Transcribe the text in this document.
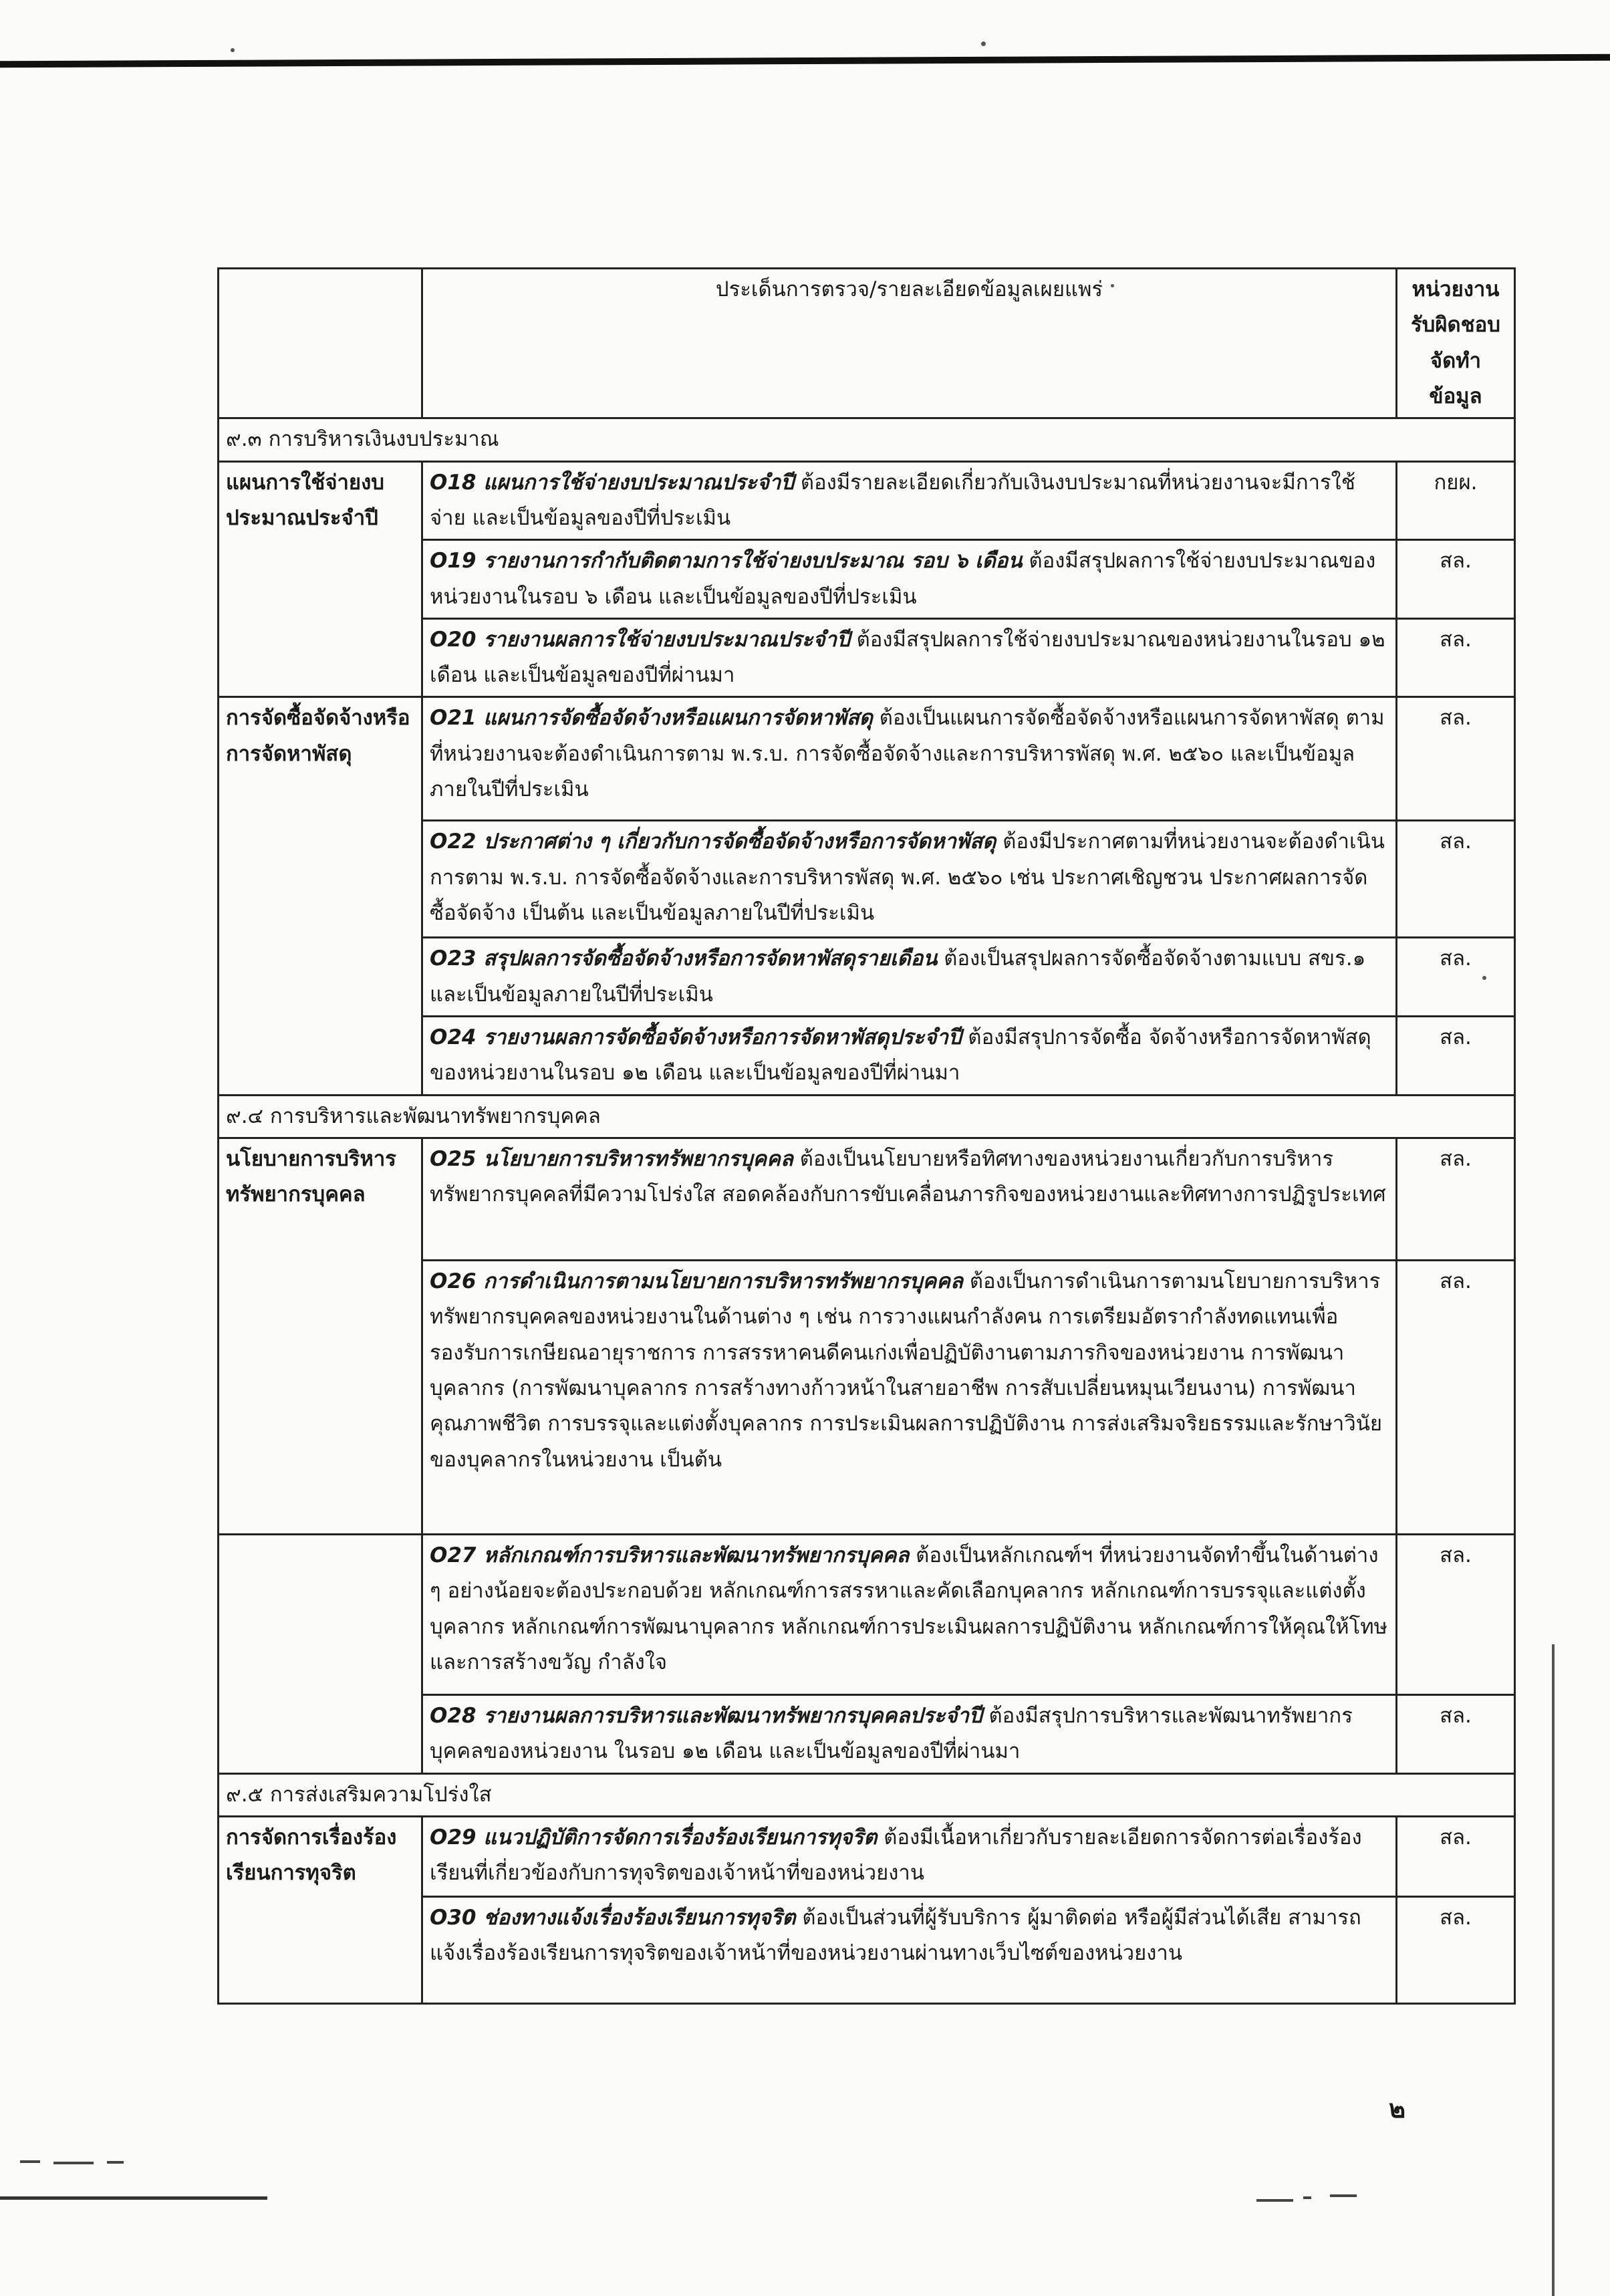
	ประเด็นการตรวจ/รายละเอียดข้อมูลเผยแพร่	หน่วยงานรับผิดชอบจัดทำข้อมูล
๙.๓ การบริหารเงินงบประมาณ		
แผนการใช้จ่ายงบประมาณประจำปี	O18 แผนการใช้จ่ายงบประมาณประจำปี ต้องมีรายละเอียดเกี่ยวกับเงินงบประมาณที่หน่วยงานจะมีการใช้จ่าย และเป็นข้อมูลของปีที่ประเมิน	กยผ.
	O19 รายงานการกำกับติดตามการใช้จ่ายงบประมาณ รอบ ๖ เดือน ต้องมีสรุปผลการใช้จ่ายงบประมาณของหน่วยงานในรอบ ๖ เดือน และเป็นข้อมูลของปีที่ประเมิน	สล.
	O20 รายงานผลการใช้จ่ายงบประมาณประจำปี ต้องมีสรุปผลการใช้จ่ายงบประมาณของหน่วยงานในรอบ ๑๒ เดือน และเป็นข้อมูลของปีที่ผ่านมา	สล.
การจัดซื้อจัดจ้างหรือการจัดหาพัสดุ	O21 แผนการจัดซื้อจัดจ้างหรือแผนการจัดหาพัสดุ ต้องเป็นแผนการจัดซื้อจัดจ้างหรือแผนการจัดหาพัสดุ ตามที่หน่วยงานจะต้องดำเนินการตาม พ.ร.บ. การจัดซื้อจัดจ้างและการบริหารพัสดุ พ.ศ. ๒๕๖๐ และเป็นข้อมูลภายในปีที่ประเมิน	สล.
	O22 ประกาศต่าง ๆ เกี่ยวกับการจัดซื้อจัดจ้างหรือการจัดหาพัสดุ ต้องมีประกาศตามที่หน่วยงานจะต้องดำเนินการตาม พ.ร.บ. การจัดซื้อจัดจ้างและการบริหารพัสดุ พ.ศ. ๒๕๖๐ เช่น ประกาศเชิญชวน ประกาศผลการจัดซื้อจัดจ้าง เป็นต้น และเป็นข้อมูลภายในปีที่ประเมิน	สล.
	O23 สรุปผลการจัดซื้อจัดจ้างหรือการจัดหาพัสดุรายเดือน ต้องเป็นสรุปผลการจัดซื้อจัดจ้างตามแบบ สขร.๑ และเป็นข้อมูลภายในปีที่ประเมิน	สล.
	O24 รายงานผลการจัดซื้อจัดจ้างหรือการจัดหาพัสดุประจำปี ต้องมีสรุปการจัดซื้อ จัดจ้างหรือการจัดหาพัสดุของหน่วยงานในรอบ ๑๒ เดือน และเป็นข้อมูลของปีที่ผ่านมา	สล.
๙.๔ การบริหารและพัฒนาทรัพยากรบุคคล		
นโยบายการบริหารทรัพยากรบุคคล	O25 นโยบายการบริหารทรัพยากรบุคคล ต้องเป็นนโยบายหรือทิศทางของหน่วยงานเกี่ยวกับการบริหารทรัพยากรบุคคลที่มีความโปร่งใส สอดคล้องกับการขับเคลื่อนภารกิจของหน่วยงานและทิศทางการปฏิรูประเทศ	สล.
	O26 การดำเนินการตามนโยบายการบริหารทรัพยากรบุคคล ต้องเป็นการดำเนินการตามนโยบายการบริหารทรัพยากรบุคคลของหน่วยงานในด้านต่าง ๆ เช่น การวางแผนกำลังคน การเตรียมอัตรากำลังทดแทนเพื่อรองรับการเกษียณอายุราชการ การสรรหาคนดีคนเก่งเพื่อปฏิบัติงานตามภารกิจของหน่วยงาน การพัฒนาบุคลากร (การพัฒนาบุคลากร การสร้างทางก้าวหน้าในสายอาชีพ การสับเปลี่ยนหมุนเวียนงาน) การพัฒนาคุณภาพชีวิต การบรรจุและแต่งตั้งบุคลากร การประเมินผลการปฏิบัติงาน การส่งเสริมจริยธรรมและรักษาวินัยของบุคลากรในหน่วยงาน เป็นต้น	สล.
	O27 หลักเกณฑ์การบริหารและพัฒนาทรัพยากรบุคคล ต้องเป็นหลักเกณฑ์ฯ ที่หน่วยงานจัดทำขึ้นในด้านต่าง ๆ อย่างน้อยจะต้องประกอบด้วย หลักเกณฑ์การสรรหาและคัดเลือกบุคลากร หลักเกณฑ์การบรรจุและแต่งตั้งบุคลากร หลักเกณฑ์การพัฒนาบุคลากร หลักเกณฑ์การประเมินผลการปฏิบัติงาน หลักเกณฑ์การให้คุณให้โทษและการสร้างขวัญ กำลังใจ	สล.
	O28 รายงานผลการบริหารและพัฒนาทรัพยากรบุคคลประจำปี ต้องมีสรุปการบริหารและพัฒนาทรัพยากรบุคคลของหน่วยงาน ในรอบ ๑๒ เดือน และเป็นข้อมูลของปีที่ผ่านมา	สล.
๙.๕ การส่งเสริมความโปร่งใส		
การจัดการเรื่องร้องเรียนการทุจริต	O29 แนวปฏิบัติการจัดการเรื่องร้องเรียนการทุจริต ต้องมีเนื้อหาเกี่ยวกับรายละเอียดการจัดการต่อเรื่องร้องเรียนที่เกี่ยวข้องกับการทุจริตของเจ้าหน้าที่ของหน่วยงาน	สล.
	O30 ช่องทางแจ้งเรื่องร้องเรียนการทุจริต ต้องเป็นส่วนที่ผู้รับบริการ ผู้มาติดต่อ หรือผู้มีส่วนได้เสีย สามารถแจ้งเรื่องร้องเรียนการทุจริตของเจ้าหน้าที่ของหน่วยงานผ่านทางเว็บไซต์ของหน่วยงาน	สล.
๒
